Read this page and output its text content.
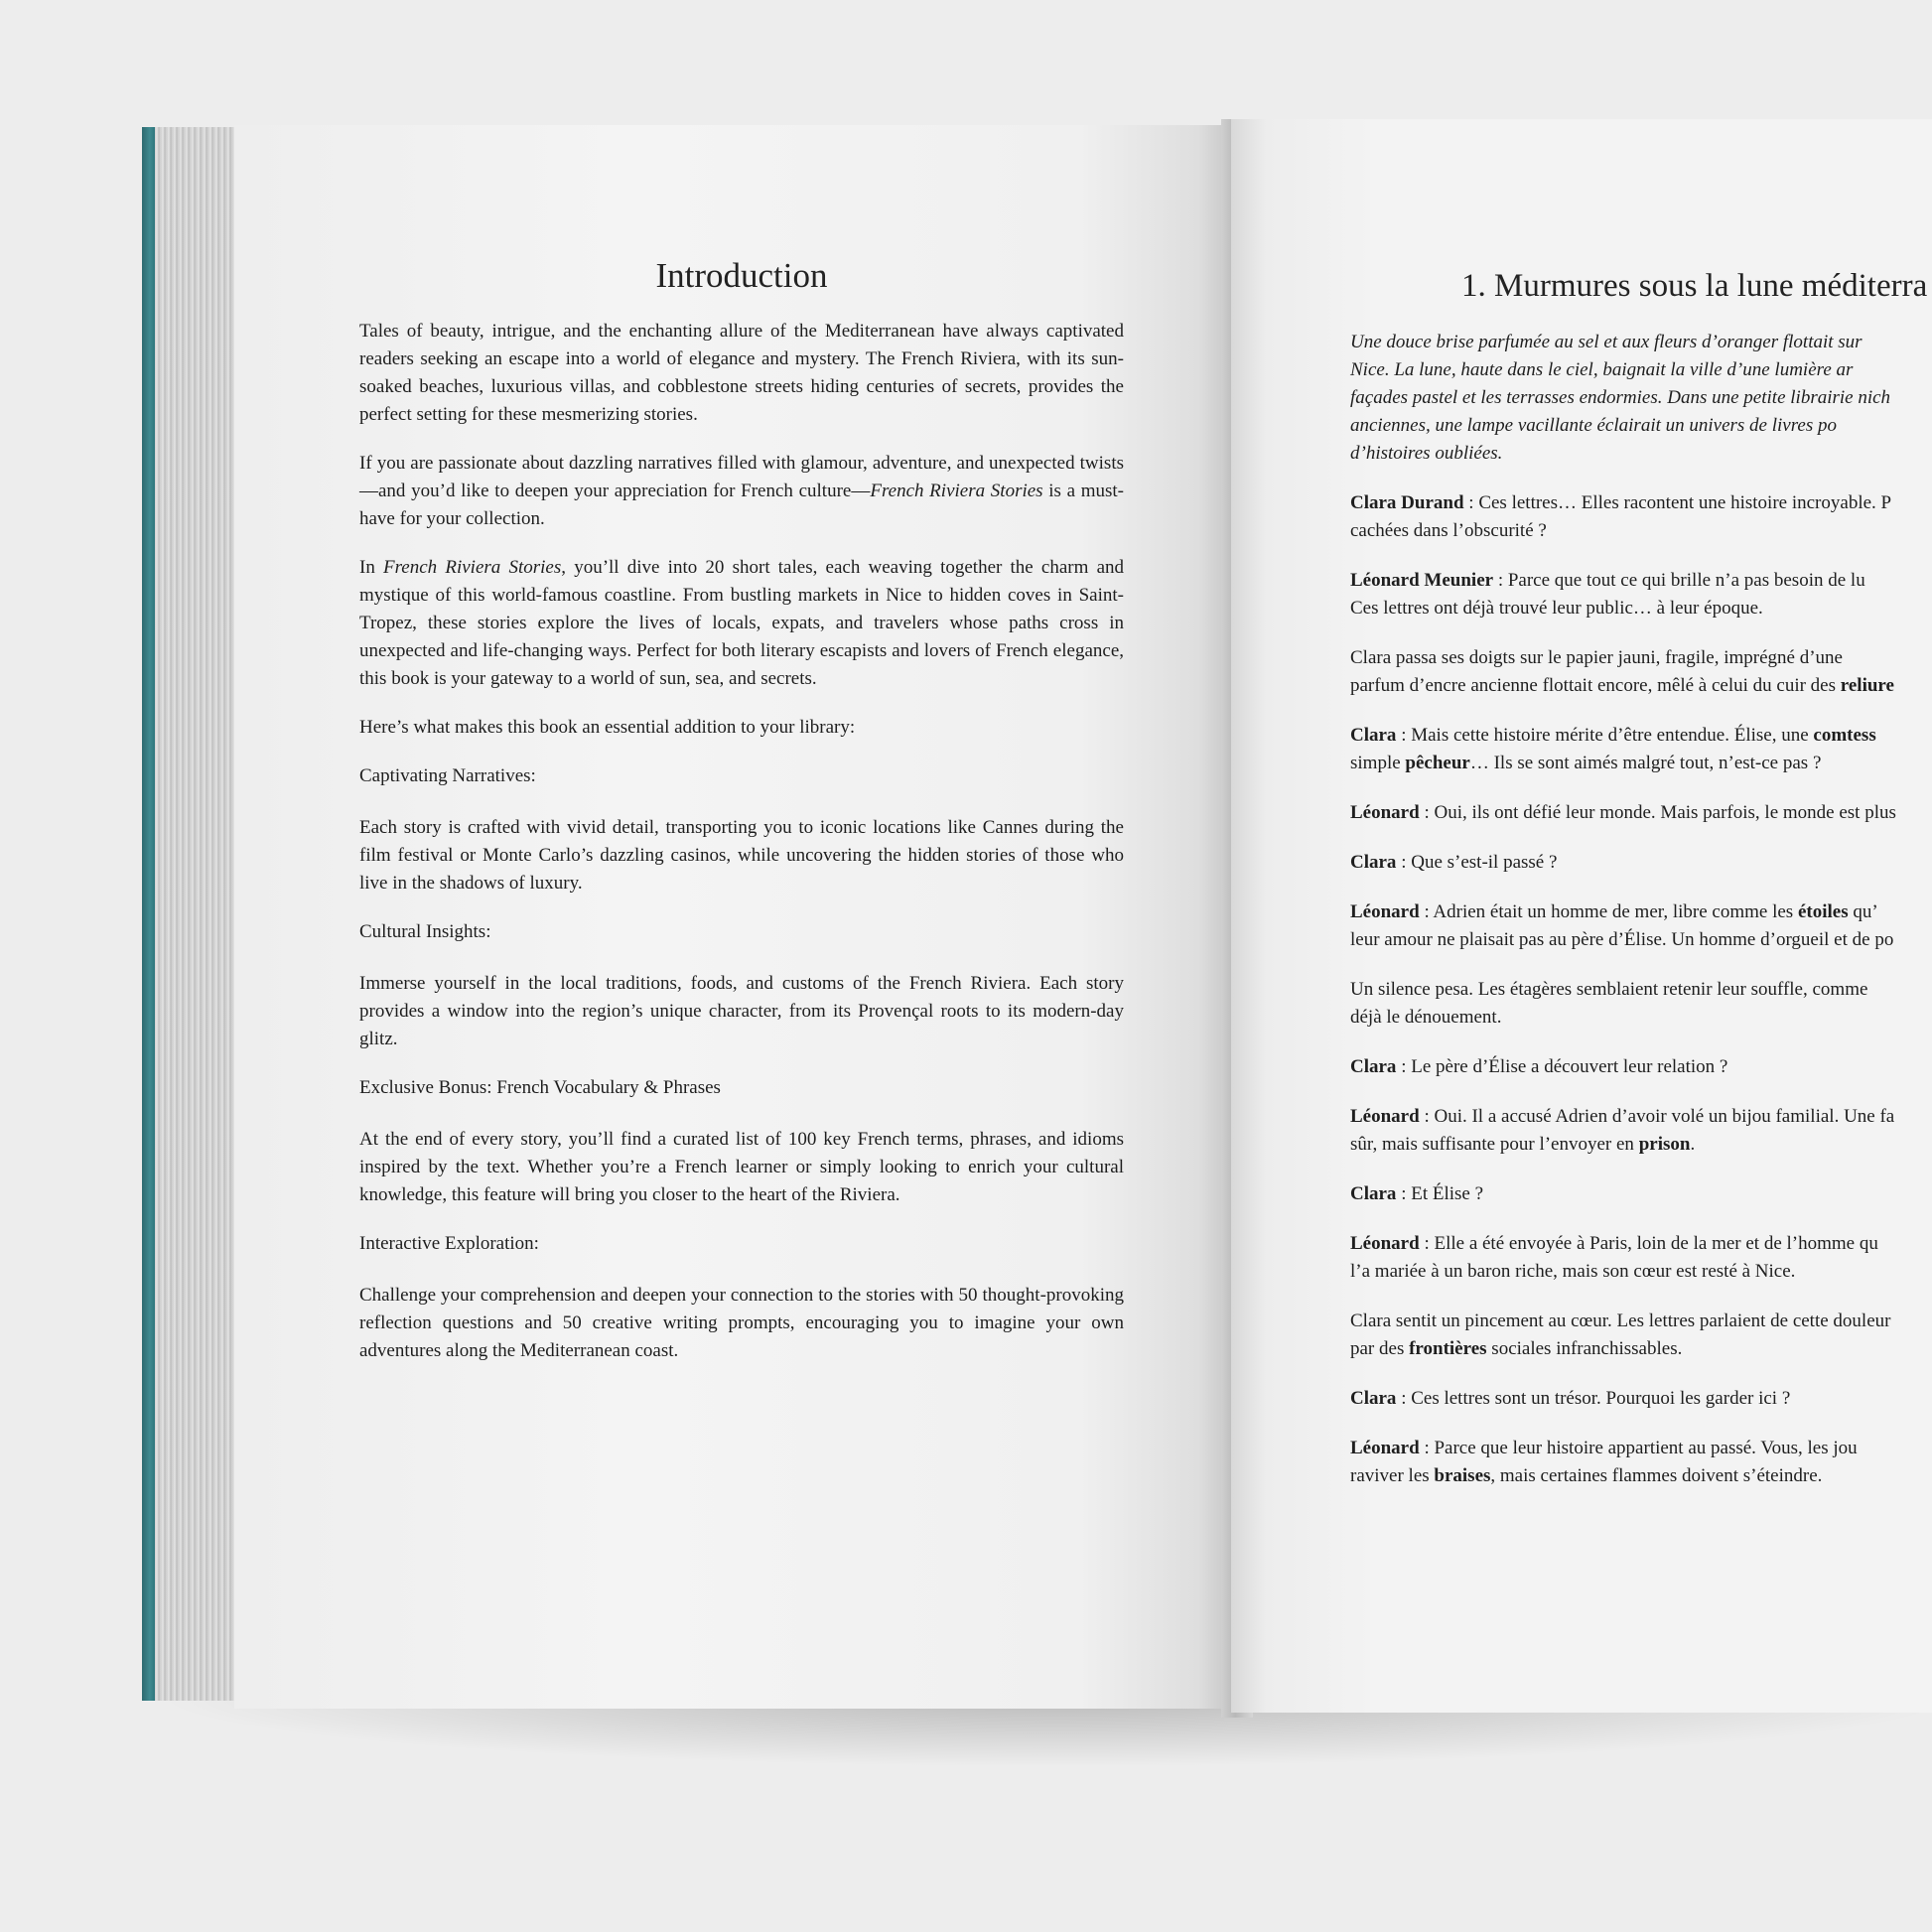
Introduction

Tales of beauty, intrigue, and the enchanting allure of the Mediterranean have always captivated readers seeking an escape into a world of elegance and mystery. The French Riviera, with its sun-soaked beaches, luxurious villas, and cobblestone streets hiding centuries of secrets, provides the perfect setting for these mesmerizing stories.

If you are passionate about dazzling narratives filled with glamour, adventure, and unexpected twists—and you’d like to deepen your appreciation for French culture—French Riviera Stories is a must-have for your collection.

In French Riviera Stories, you’ll dive into 20 short tales, each weaving together the charm and mystique of this world-famous coastline. From bustling markets in Nice to hidden coves in Saint-Tropez, these stories explore the lives of locals, expats, and travelers whose paths cross in unexpected and life-changing ways. Perfect for both literary escapists and lovers of French elegance, this book is your gateway to a world of sun, sea, and secrets.

Here’s what makes this book an essential addition to your library:

Captivating Narratives:

Each story is crafted with vivid detail, transporting you to iconic locations like Cannes during the film festival or Monte Carlo’s dazzling casinos, while uncovering the hidden stories of those who live in the shadows of luxury.

Cultural Insights:

Immerse yourself in the local traditions, foods, and customs of the French Riviera. Each story provides a window into the region’s unique character, from its Provençal roots to its modern-day glitz.

Exclusive Bonus: French Vocabulary & Phrases

At the end of every story, you’ll find a curated list of 100 key French terms, phrases, and idioms inspired by the text. Whether you’re a French learner or simply looking to enrich your cultural knowledge, this feature will bring you closer to the heart of the Riviera.

Interactive Exploration:

Challenge your comprehension and deepen your connection to the stories with 50 thought-provoking reflection questions and 50 creative writing prompts, encouraging you to imagine your own adventures along the Mediterranean coast.

1. Murmures sous la lune méditerra

Une douce brise parfumée au sel et aux fleurs d’oranger flottait sur
Nice. La lune, haute dans le ciel, baignait la ville d’une lumière ar
façades pastel et les terrasses endormies. Dans une petite librairie nich
anciennes, une lampe vacillante éclairait un univers de livres po
d’histoires oubliées.

Clara Durand : Ces lettres… Elles racontent une histoire incroyable. P
cachées dans l’obscurité ?

Léonard Meunier : Parce que tout ce qui brille n’a pas besoin de lu
Ces lettres ont déjà trouvé leur public… à leur époque.

Clara passa ses doigts sur le papier jauni, fragile, imprégné d’une
parfum d’encre ancienne flottait encore, mêlé à celui du cuir des reliure

Clara : Mais cette histoire mérite d’être entendue. Élise, une comtess
simple pêcheur… Ils se sont aimés malgré tout, n’est-ce pas ?

Léonard : Oui, ils ont défié leur monde. Mais parfois, le monde est plus

Clara : Que s’est-il passé ?

Léonard : Adrien était un homme de mer, libre comme les étoiles qu’
leur amour ne plaisait pas au père d’Élise. Un homme d’orgueil et de po

Un silence pesa. Les étagères semblaient retenir leur souffle, comme
déjà le dénouement.

Clara : Le père d’Élise a découvert leur relation ?

Léonard : Oui. Il a accusé Adrien d’avoir volé un bijou familial. Une fa
sûr, mais suffisante pour l’envoyer en prison.

Clara : Et Élise ?

Léonard : Elle a été envoyée à Paris, loin de la mer et de l’homme qu
l’a mariée à un baron riche, mais son cœur est resté à Nice.

Clara sentit un pincement au cœur. Les lettres parlaient de cette douleur
par des frontières sociales infranchissables.

Clara : Ces lettres sont un trésor. Pourquoi les garder ici ?

Léonard : Parce que leur histoire appartient au passé. Vous, les jou
raviver les braises, mais certaines flammes doivent s’éteindre.
